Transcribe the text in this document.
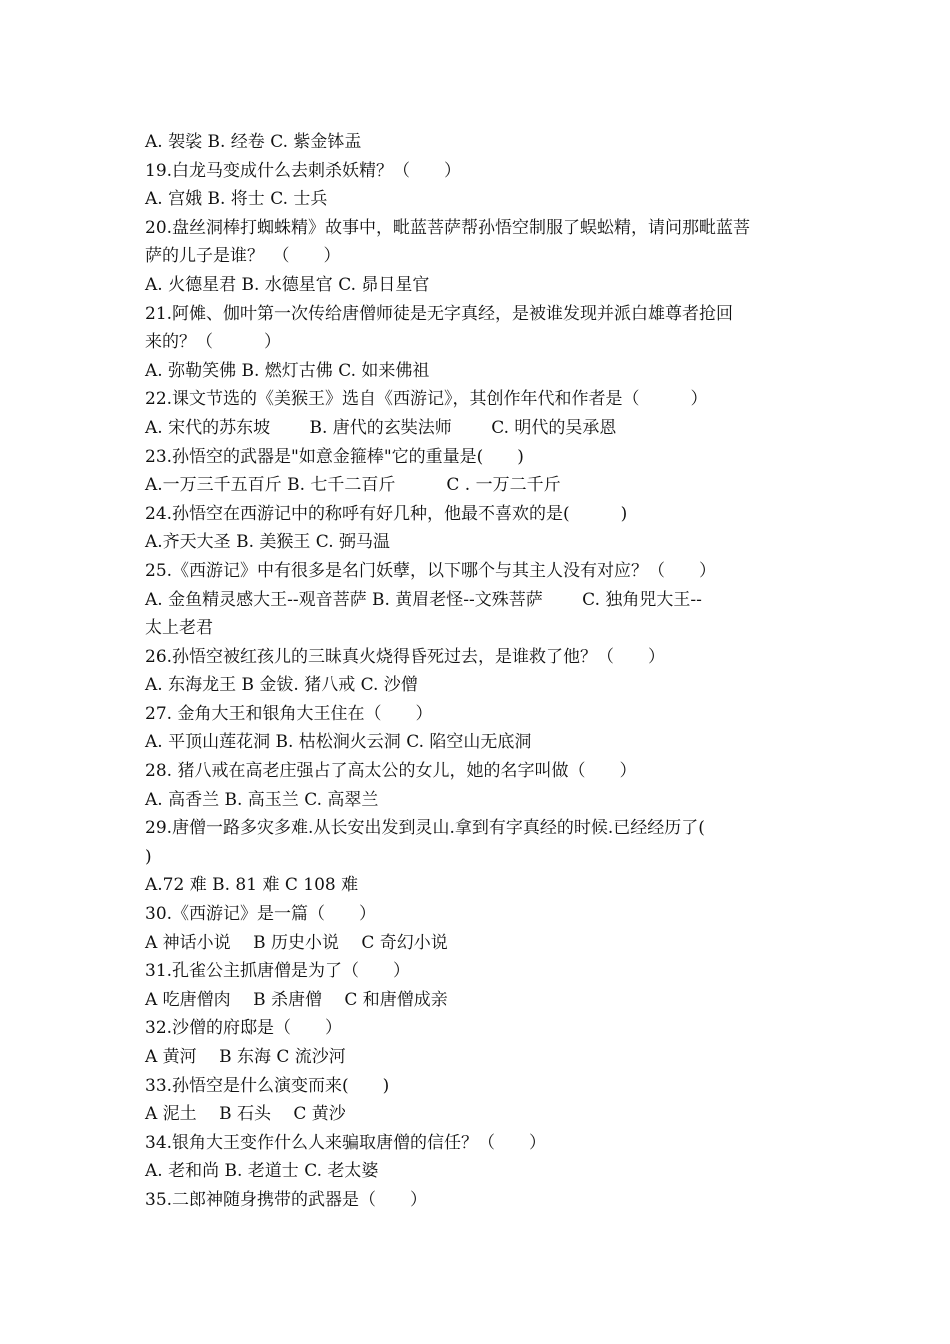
A. 袈裟 B. 经卷 C. 紫金钵盂
19.白龙马变成什么去刺杀妖精？（　　）
A. 宫娥 B. 将士 C. 士兵
20.盘丝洞棒打蜘蛛精》故事中，毗蓝菩萨帮孙悟空制服了蜈蚣精，请问那毗蓝菩
萨的儿子是谁？　（　　）
A. 火德星君 B. 水德星官 C. 昴日星官
21.阿傩、伽叶第一次传给唐僧师徒是无字真经，是被谁发现并派白雄尊者抢回
来的？（　　　）
A. 弥勒笑佛 B. 燃灯古佛 C. 如来佛祖
22.课文节选的《美猴王》选自《西游记》，其创作年代和作者是（　　　）
A. 宋代的苏东坡　　 B. 唐代的玄奘法师　　 C. 明代的吴承恩
23.孙悟空的武器是"如意金箍棒"它的重量是(　　)
A.一万三千五百斤 B. 七千二百斤　　　C . 一万二千斤
24.孙悟空在西游记中的称呼有好几种，他最不喜欢的是(　　　)
A.齐天大圣 B. 美猴王 C. 弼马温
25.《西游记》中有很多是名门妖孽，以下哪个与其主人没有对应？（　　）
A. 金鱼精灵感大王--观音菩萨 B. 黄眉老怪--文殊菩萨　　 C. 独角兕大王--
太上老君
26.孙悟空被红孩儿的三昧真火烧得昏死过去，是谁救了他？（　　）
A. 东海龙王 B 金钹. 猪八戒 C. 沙僧
27. 金角大王和银角大王住在（　　）
A. 平顶山莲花洞 B. 枯松涧火云洞 C. 陷空山无底洞
28. 猪八戒在高老庄强占了高太公的女儿，她的名字叫做（　　）
A. 高香兰 B. 高玉兰 C. 高翠兰
29.唐僧一路多灾多难.从长安出发到灵山.拿到有字真经的时候.已经经历了(
)
A.72 难 B. 81 难 C 108 难
30.《西游记》是一篇（　　）
A 神话小说　 B 历史小说　 C 奇幻小说
31.孔雀公主抓唐僧是为了（　　）
A 吃唐僧肉　 B 杀唐僧　 C 和唐僧成亲
32.沙僧的府邸是（　　）
A 黄河　 B 东海 C 流沙河
33.孙悟空是什么演变而来(　　)
A 泥土　 B 石头　 C 黄沙
34.银角大王变作什么人来骗取唐僧的信任？（　　）
A. 老和尚 B. 老道士 C. 老太婆
35.二郎神随身携带的武器是（　　）
